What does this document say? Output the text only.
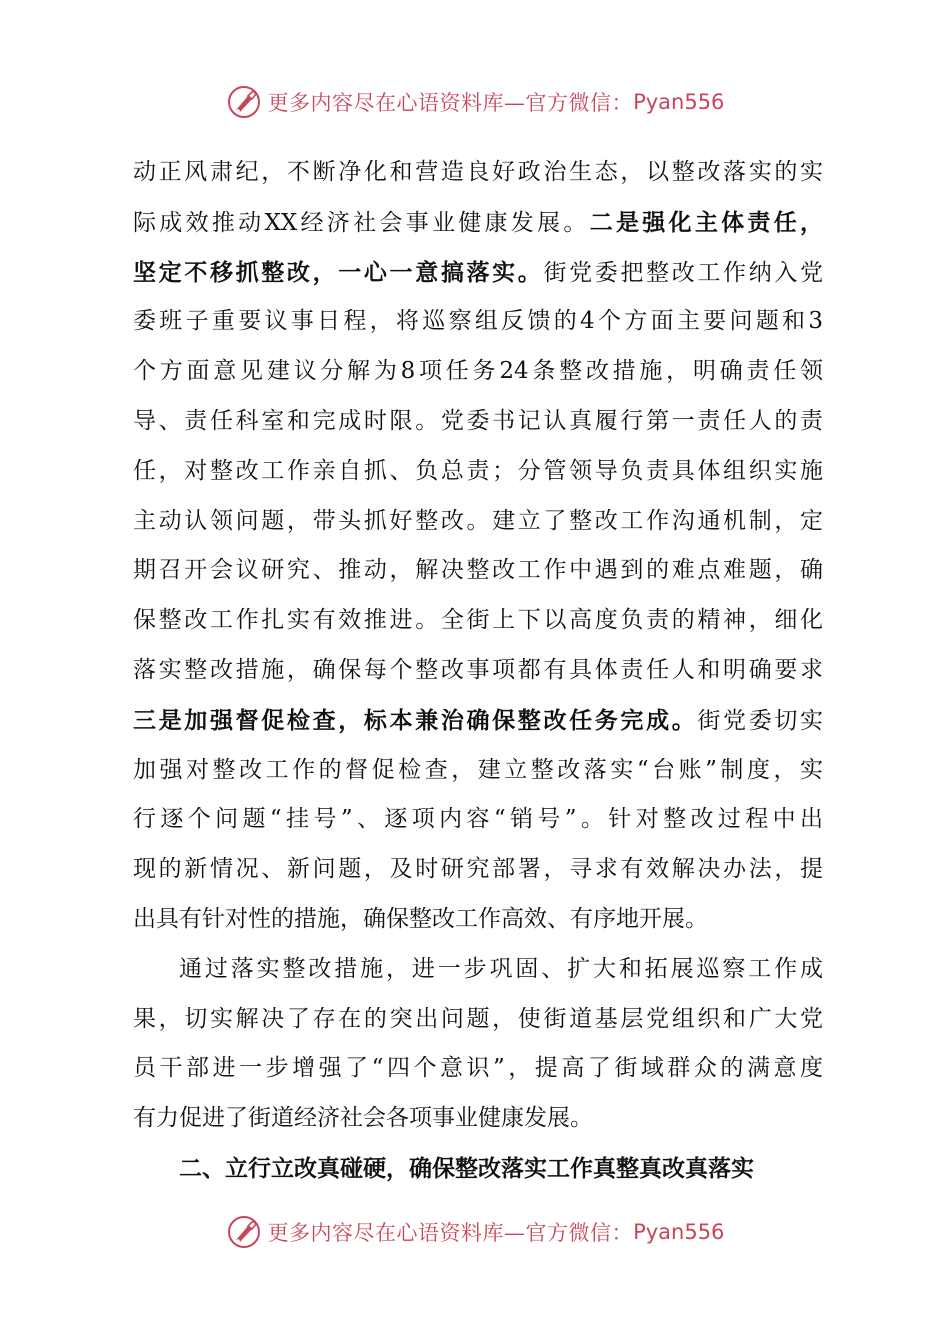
更多内容尽在心语资料库—官方微信： Pyan556
动正风肃纪，不断净化和营造良好政治生态，以整改落实的实
际成效推动XX经济社会事业健康发展。二是强化主体责任，
坚定不移抓整改，一心一意搞落实。街党委把整改工作纳入党
委班子重要议事日程，将巡察组反馈的4个方面主要问题和3
个方面意见建议分解为8项任务24条整改措施，明确责任领
导、责任科室和完成时限。党委书记认真履行第一责任人的责
任，对整改工作亲自抓、负总责；分管领导负责具体组织实施
主动认领问题，带头抓好整改。建立了整改工作沟通机制，定
期召开会议研究、推动，解决整改工作中遇到的难点难题，确
保整改工作扎实有效推进。全街上下以高度负责的精神，细化
落实整改措施，确保每个整改事项都有具体责任人和明确要求
三是加强督促检查，标本兼治确保整改任务完成。街党委切实
加强对整改工作的督促检查，建立整改落实“台账”制度，实
行逐个问题“挂号”、逐项内容“销号”。针对整改过程中出
现的新情况、新问题，及时研究部署，寻求有效解决办法，提
出具有针对性的措施，确保整改工作高效、有序地开展。
通过落实整改措施，进一步巩固、扩大和拓展巡察工作成
果，切实解决了存在的突出问题，使街道基层党组织和广大党
员干部进一步增强了“四个意识”，提高了街域群众的满意度
有力促进了街道经济社会各项事业健康发展。
二、立行立改真碰硬，确保整改落实工作真整真改真落实
更多内容尽在心语资料库—官方微信： Pyan556
